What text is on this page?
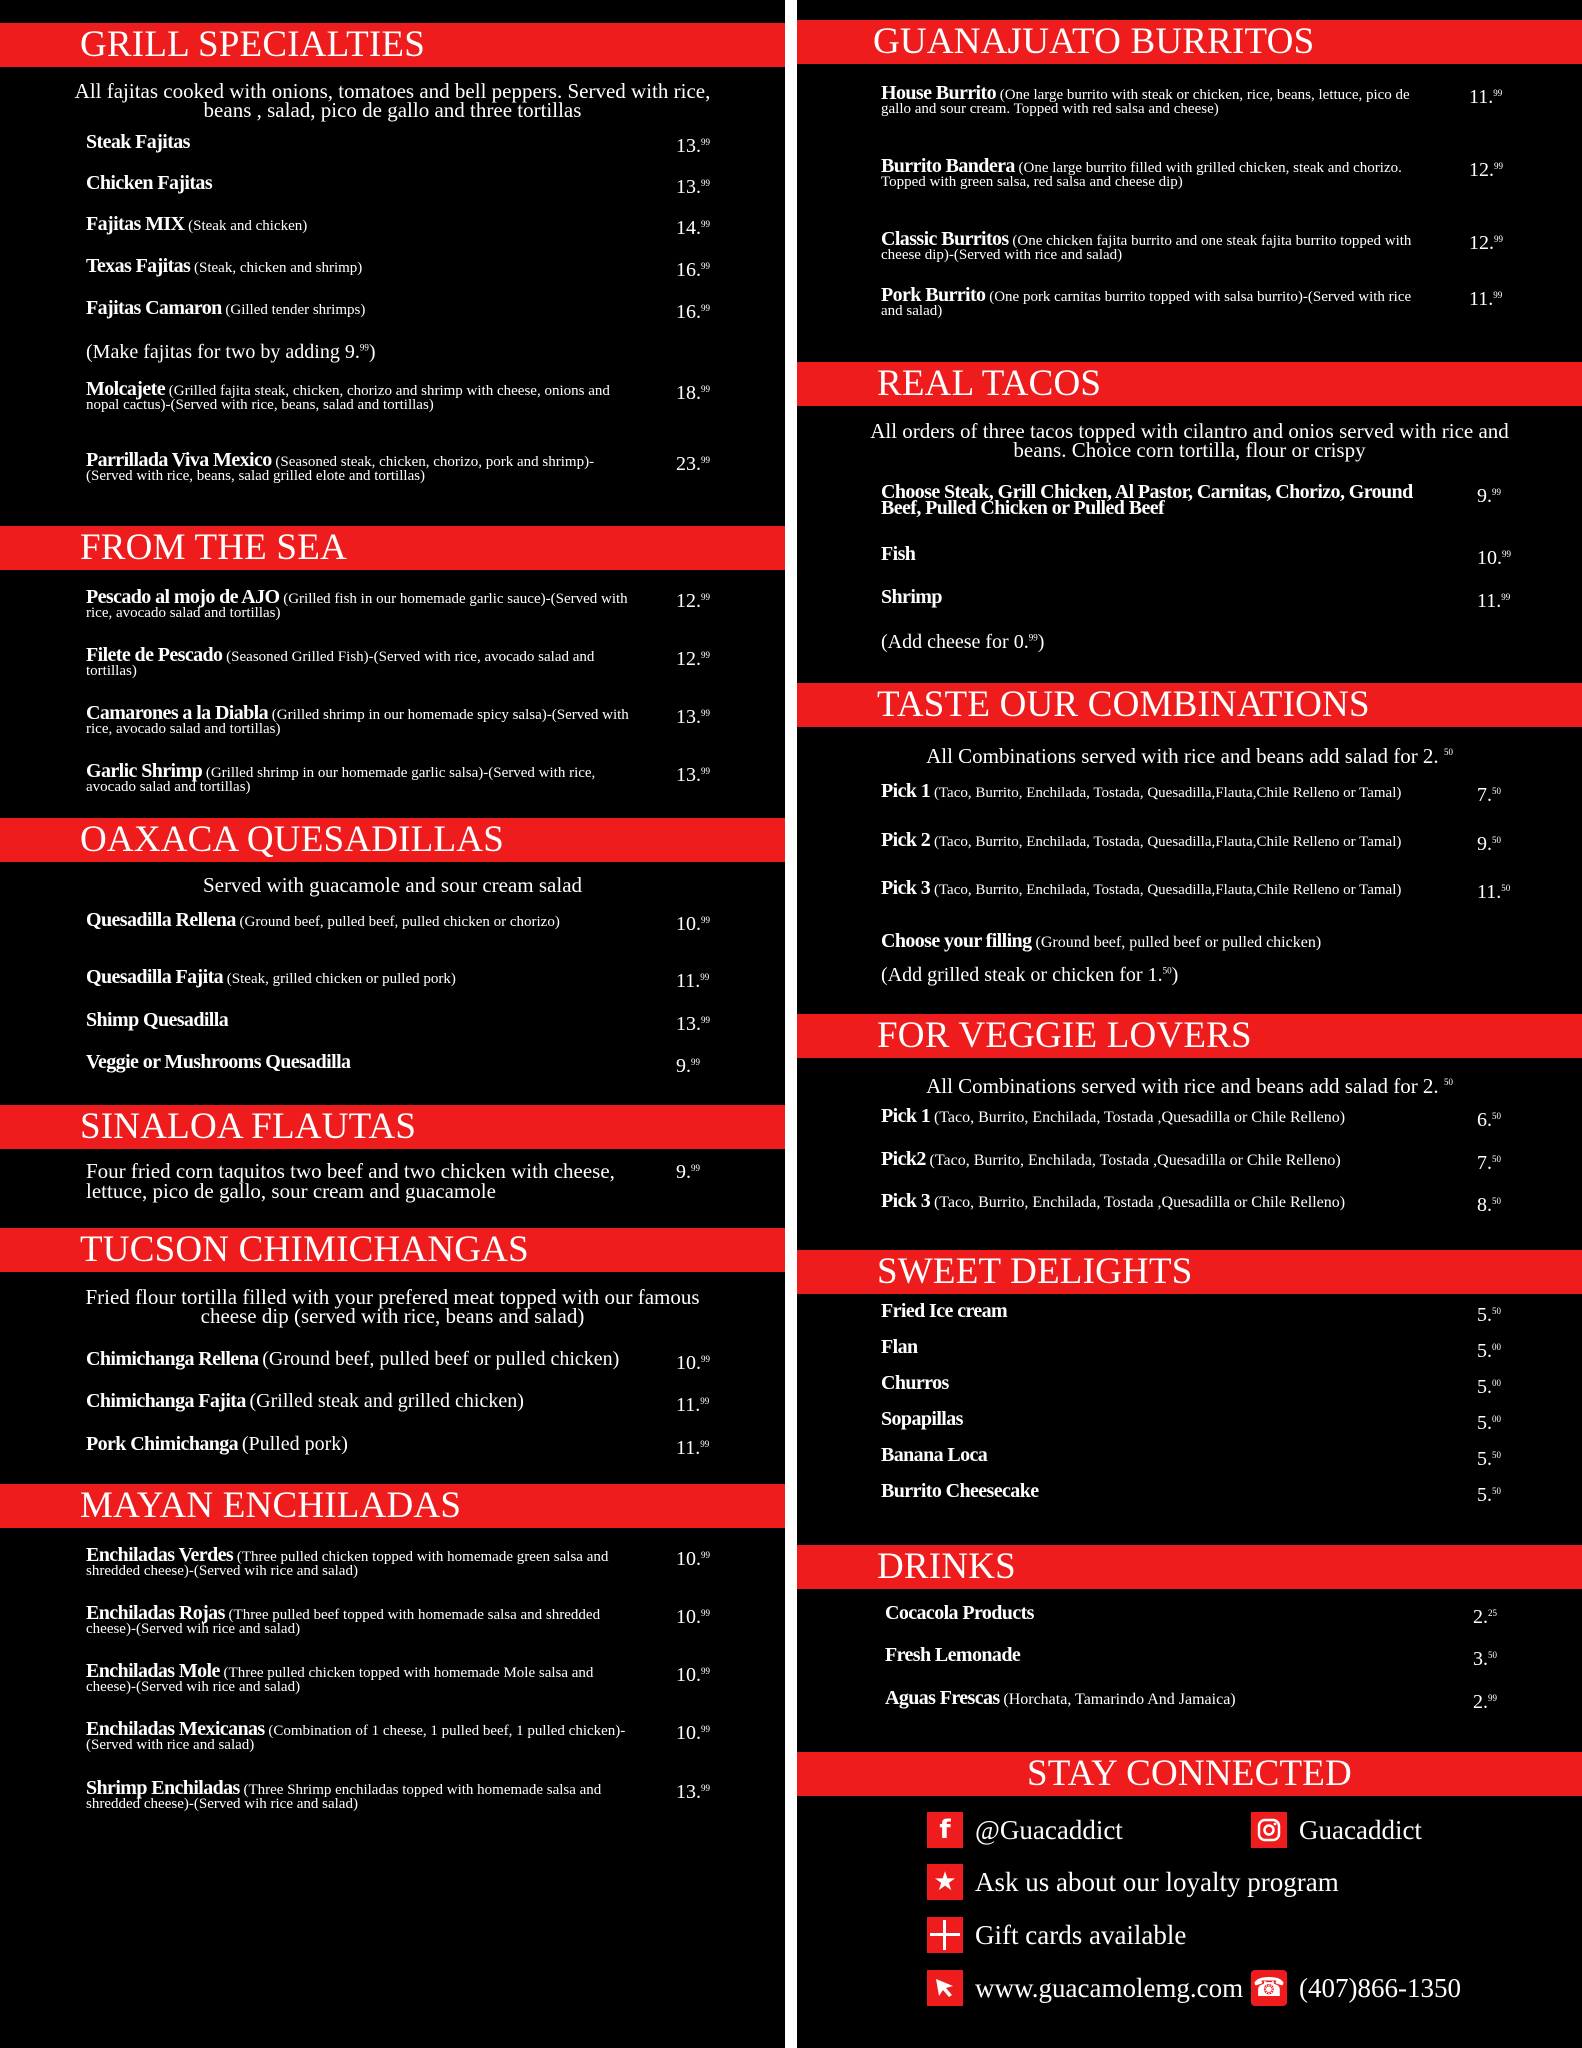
GRILL SPECIALTIES
All fajitas cooked with onions, tomatoes and bell peppers. Served with rice, beans , salad, pico de gallo and three tortillas
Steak Fajitas	13.99
Chicken Fajitas	13.99
Fajitas MIX (Steak and chicken)	14.99
Texas Fajitas (Steak, chicken and shrimp)	16.99
Fajitas Camaron (Gilled tender shrimps)	16.99
(Make fajitas for two by adding 9.99)
Molcajete (Grilled fajita steak, chicken, chorizo and shrimp with cheese, onions and nopal cactus)-(Served with rice, beans, salad and tortillas)
18.99
Parrillada Viva Mexico (Seasoned steak, chicken, chorizo, pork and shrimp)-(Served with rice, beans, salad grilled elote and tortillas)
23.99
FROM THE SEA
Pescado al mojo de AJO (Grilled fish in our homemade garlic sauce)-(Served with rice, avocado salad and tortillas)
12.99
Filete de Pescado (Seasoned Grilled Fish)-(Served with rice, avocado salad and tortillas)
12.99
Camarones a la Diabla (Grilled shrimp in our homemade spicy salsa)-(Served with rice, avocado salad and tortillas)
13.99
Garlic Shrimp (Grilled shrimp in our homemade garlic salsa)-(Served with rice, avocado salad and tortillas)
13.99
OAXACA QUESADILLAS
Served with guacamole and sour cream salad
Quesadilla Rellena (Ground beef, pulled beef, pulled chicken or chorizo)	10.99
Quesadilla Fajita (Steak, grilled chicken or pulled pork)	11.99
Shimp Quesadilla	13.99
Veggie or Mushrooms Quesadilla	9.99
SINALOA FLAUTAS
Four fried corn taquitos two beef and two chicken with cheese, lettuce, pico de gallo, sour cream and guacamole
9.99
TUCSON CHIMICHANGAS
Fried flour tortilla filled with your prefered meat topped with our famous cheese dip (served with rice, beans and salad)
Chimichanga Rellena (Ground beef, pulled beef or pulled chicken)	10.99
Chimichanga Fajita (Grilled steak and grilled chicken)	11.99
Pork Chimichanga (Pulled pork)	11.99
MAYAN ENCHILADAS
Enchiladas Verdes (Three pulled chicken topped with homemade green salsa and shredded cheese)-(Served wih rice and salad)
10.99
Enchiladas Rojas (Three pulled beef topped with homemade salsa and shredded cheese)-(Served wih rice and salad)
10.99
Enchiladas Mole (Three pulled chicken topped with homemade Mole salsa and cheese)-(Served wih rice and salad)
10.99
Enchiladas Mexicanas (Combination of 1 cheese, 1 pulled beef, 1 pulled chicken)-(Served with rice and salad)
10.99
Shrimp Enchiladas (Three Shrimp enchiladas topped with homemade salsa and shredded cheese)-(Served wih rice and salad)
13.99
GUANAJUATO BURRITOS
House Burrito (One large burrito with steak or chicken, rice, beans, lettuce, pico de gallo and sour cream. Topped with red salsa and cheese)
11.99
Burrito Bandera (One large burrito filled with grilled chicken, steak and chorizo. Topped with green salsa, red salsa and cheese dip)
12.99
Classic Burritos (One chicken fajita burrito and one steak fajita burrito topped with cheese dip)-(Served with rice and salad)
12.99
Pork Burrito (One pork carnitas burrito topped with salsa burrito)-(Served with rice and salad)
11.99
REAL TACOS
All orders of three tacos topped with cilantro and onios served with rice and beans. Choice corn tortilla, flour or crispy
Choose Steak, Grill Chicken, Al Pastor, Carnitas, Chorizo, Ground Beef, Pulled Chicken or Pulled Beef
9.99
Fish	10.99
Shrimp	11.99
(Add cheese for 0.99)
TASTE OUR COMBINATIONS
All Combinations served with rice and beans add salad for 2. $^{50}$
Pick 1 (Taco, Burrito, Enchilada, Tostada, Quesadilla,Flauta,Chile Relleno or Tamal)	7.50
Pick 2 (Taco, Burrito, Enchilada, Tostada, Quesadilla,Flauta,Chile Relleno or Tamal)	9.50
Pick 3 (Taco, Burrito, Enchilada, Tostada, Quesadilla,Flauta,Chile Relleno or Tamal)	11.50
Choose your filling (Ground beef, pulled beef or pulled chicken)
(Add grilled steak or chicken for 1.50)
FOR VEGGIE LOVERS
All Combinations served with rice and beans add salad for 2. $^{50}$
Pick 1 (Taco, Burrito, Enchilada, Tostada ,Quesadilla or Chile Relleno)	6.50
Pick2 (Taco, Burrito, Enchilada, Tostada ,Quesadilla or Chile Relleno)	7.50
Pick 3 (Taco, Burrito, Enchilada, Tostada ,Quesadilla or Chile Relleno)	8.50
SWEET DELIGHTS
Fried Ice cream	5.50
Flan	5.00
Churros	5.00
Sopapillas	5.00
Banana Loca	5.50
Burrito Cheesecake	5.50
DRINKS
Cocacola Products	2.25
Fresh Lemonade	3.50
Aguas Frescas (Horchata, Tamarindo And Jamaica)	2.99
STAY CONNECTED
f @Guacaddict	Guacaddict
★ Ask us about our loyalty program
Gift cards available
www.guacamolemg.com ☎ (407)866-1350
